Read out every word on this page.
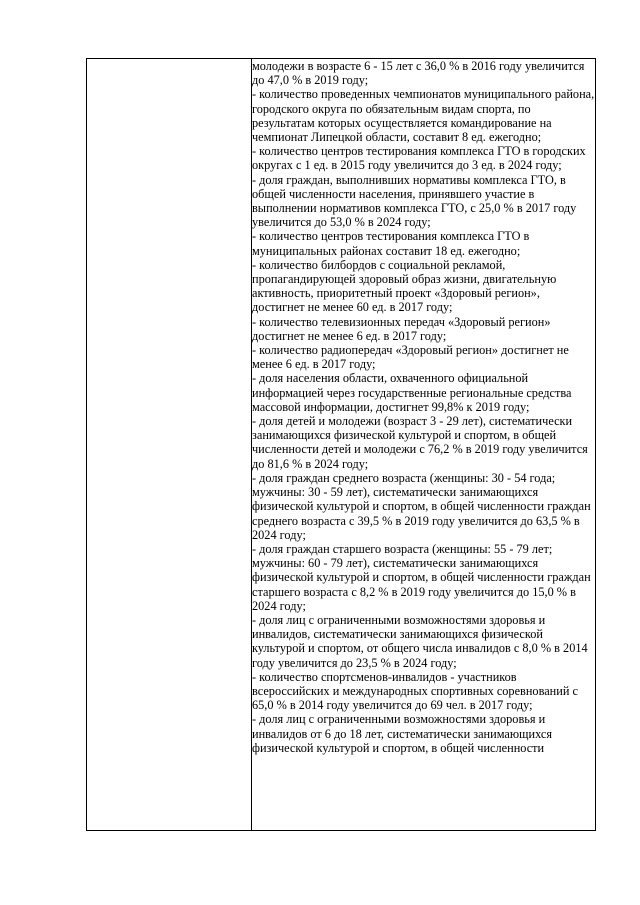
молодежи в возрасте 6 - 15 лет с 36,0 % в 2016 году увеличится до 47,0 % в 2019 году;

- количество проведенных чемпионатов муниципального района, городского округа по обязательным видам спорта, по результатам которых осуществляется командирование на чемпионат Липецкой области, составит 8 ед. ежегодно;

- количество центров тестирования комплекса ГТО в городских округах с 1 ед. в 2015 году увеличится до 3 ед. в 2024 году;

- доля граждан, выполнивших нормативы комплекса ГТО, в общей численности населения, принявшего участие в выполнении нормативов комплекса ГТО, с 25,0 % в 2017 году увеличится до 53,0 % в 2024 году;

- количество центров тестирования комплекса ГТО в муниципальных районах составит 18 ед. ежегодно;

- количество билбордов с социальной рекламой, пропагандирующей здоровый образ жизни, двигательную активность, приоритетный проект «Здоровый регион», достигнет не менее 60 ед. в 2017 году;

- количество телевизионных передач «Здоровый регион» достигнет не менее 6 ед. в 2017 году;

- количество радиопередач «Здоровый регион» достигнет не менее 6 ед. в 2017 году;

- доля населения области, охваченного официальной информацией через государственные региональные средства массовой информации, достигнет 99,8% к 2019 году;

- доля детей и молодежи (возраст 3 - 29 лет), систематически занимающихся физической культурой и спортом, в общей численности детей и молодежи с 76,2 % в 2019 году увеличится до 81,6 % в 2024 году;

- доля граждан среднего возраста (женщины: 30 - 54 года; мужчины: 30 - 59 лет), систематически занимающихся физической культурой и спортом, в общей численности граждан среднего возраста с 39,5 % в 2019 году увеличится до 63,5 % в 2024 году;

- доля граждан старшего возраста (женщины: 55 - 79 лет; мужчины: 60 - 79 лет), систематически занимающихся физической культурой и спортом, в общей численности граждан старшего возраста с 8,2 % в 2019 году увеличится до 15,0 % в 2024 году;

- доля лиц с ограниченными возможностями здоровья и инвалидов, систематически занимающихся физической культурой и спортом, от общего числа инвалидов с 8,0 % в 2014 году увеличится до 23,5 % в 2024 году;

- количество спортсменов-инвалидов - участников всероссийских и международных спортивных соревнований с 65,0 % в 2014 году увеличится до 69 чел. в 2017 году;

- доля лиц с ограниченными возможностями здоровья и инвалидов от 6 до 18 лет, систематически занимающихся физической культурой и спортом, в общей численности
